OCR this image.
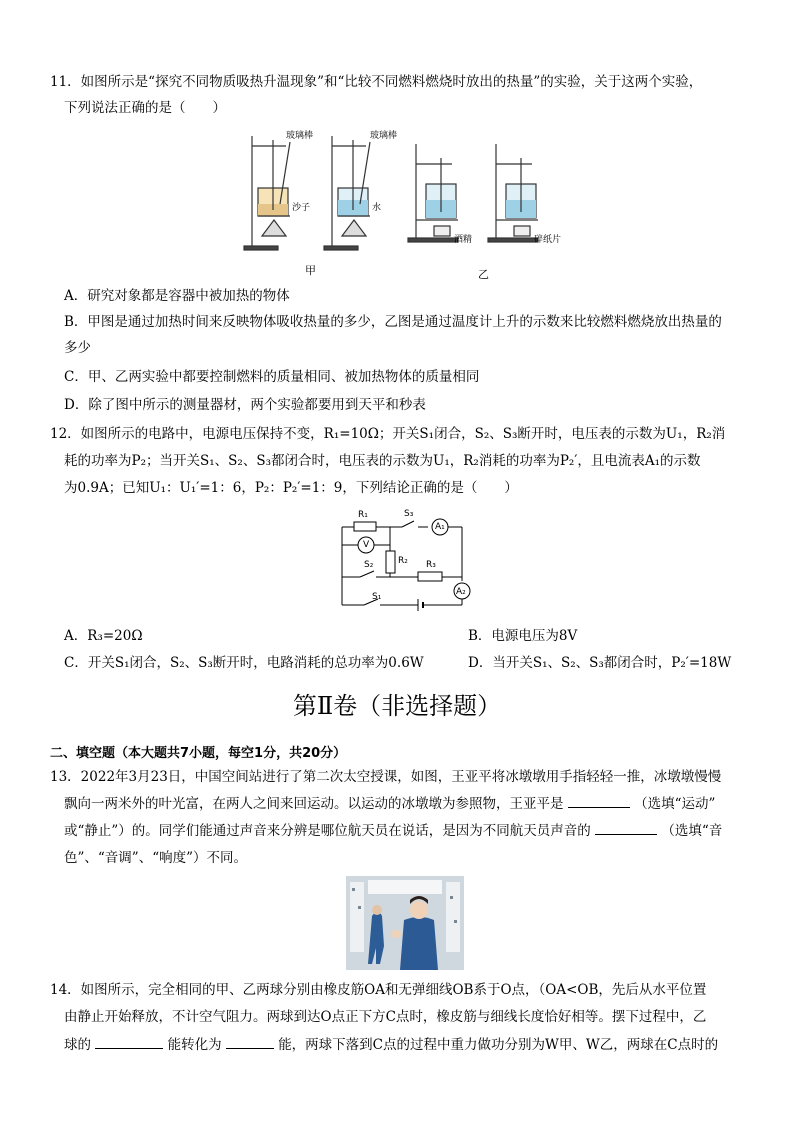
11．如图所示是“探究不同物质吸热升温现象”和“比较不同燃料燃烧时放出的热量”的实验，关于这两个实验，
下列说法正确的是（　　）
玻璃棒	玻璃棒
沙子	水
酒精	碎纸片
甲	乙
A．研究对象都是容器中被加热的物体
B．甲图是通过加热时间来反映物体吸收热量的多少，乙图是通过温度计上升的示数来比较燃料燃烧放出热量的
多少
C．甲、乙两实验中都要控制燃料的质量相同、被加热物体的质量相同
D．除了图中所示的测量器材，两个实验都要用到天平和秒表
12．如图所示的电路中，电源电压保持不变，R₁=10Ω；开关S₁闭合，S₂、S₃断开时，电压表的示数为U₁，R₂消
耗的功率为P₂；当开关S₁、S₂、S₃都闭合时，电压表的示数为U₁，R₂消耗的功率为P₂′，且电流表A₁的示数
为0.9A；已知U₁：U₁′=1：6，P₂：P₂′=1：9，下列结论正确的是（　　）
R₁	S₃
A₁
V
R₂
S₂	R₃
A₂
S₁
A．R₃=20Ω	B．电源电压为8V
C．开关S₁闭合，S₂、S₃断开时，电路消耗的总功率为0.6W	D．当开关S₁、S₂、S₃都闭合时，P₂′=18W
第Ⅱ卷（非选择题）
二、填空题（本大题共7小题，每空1分，共20分）
13．2022年3月23日，中国空间站进行了第二次太空授课，如图，王亚平将冰墩墩用手指轻轻一推，冰墩墩慢慢
飘向一两米外的叶光富，在两人之间来回运动。以运动的冰墩墩为参照物，王亚平是	（选填“运动”
或“静止”）的。同学们能通过声音来分辨是哪位航天员在说话，是因为不同航天员声音的	（选填“音
色”、“音调”、“响度”）不同。
14．如图所示，完全相同的甲、乙两球分别由橡皮筋OA和无弹细线OB系于O点，（OA<OB，先后从水平位置
由静止开始释放，不计空气阻力。两球到达O点正下方C点时，橡皮筋与细线长度恰好相等。摆下过程中，乙
球的	能转化为	能，两球下落到C点的过程中重力做功分别为W甲、W乙，两球在C点时的
